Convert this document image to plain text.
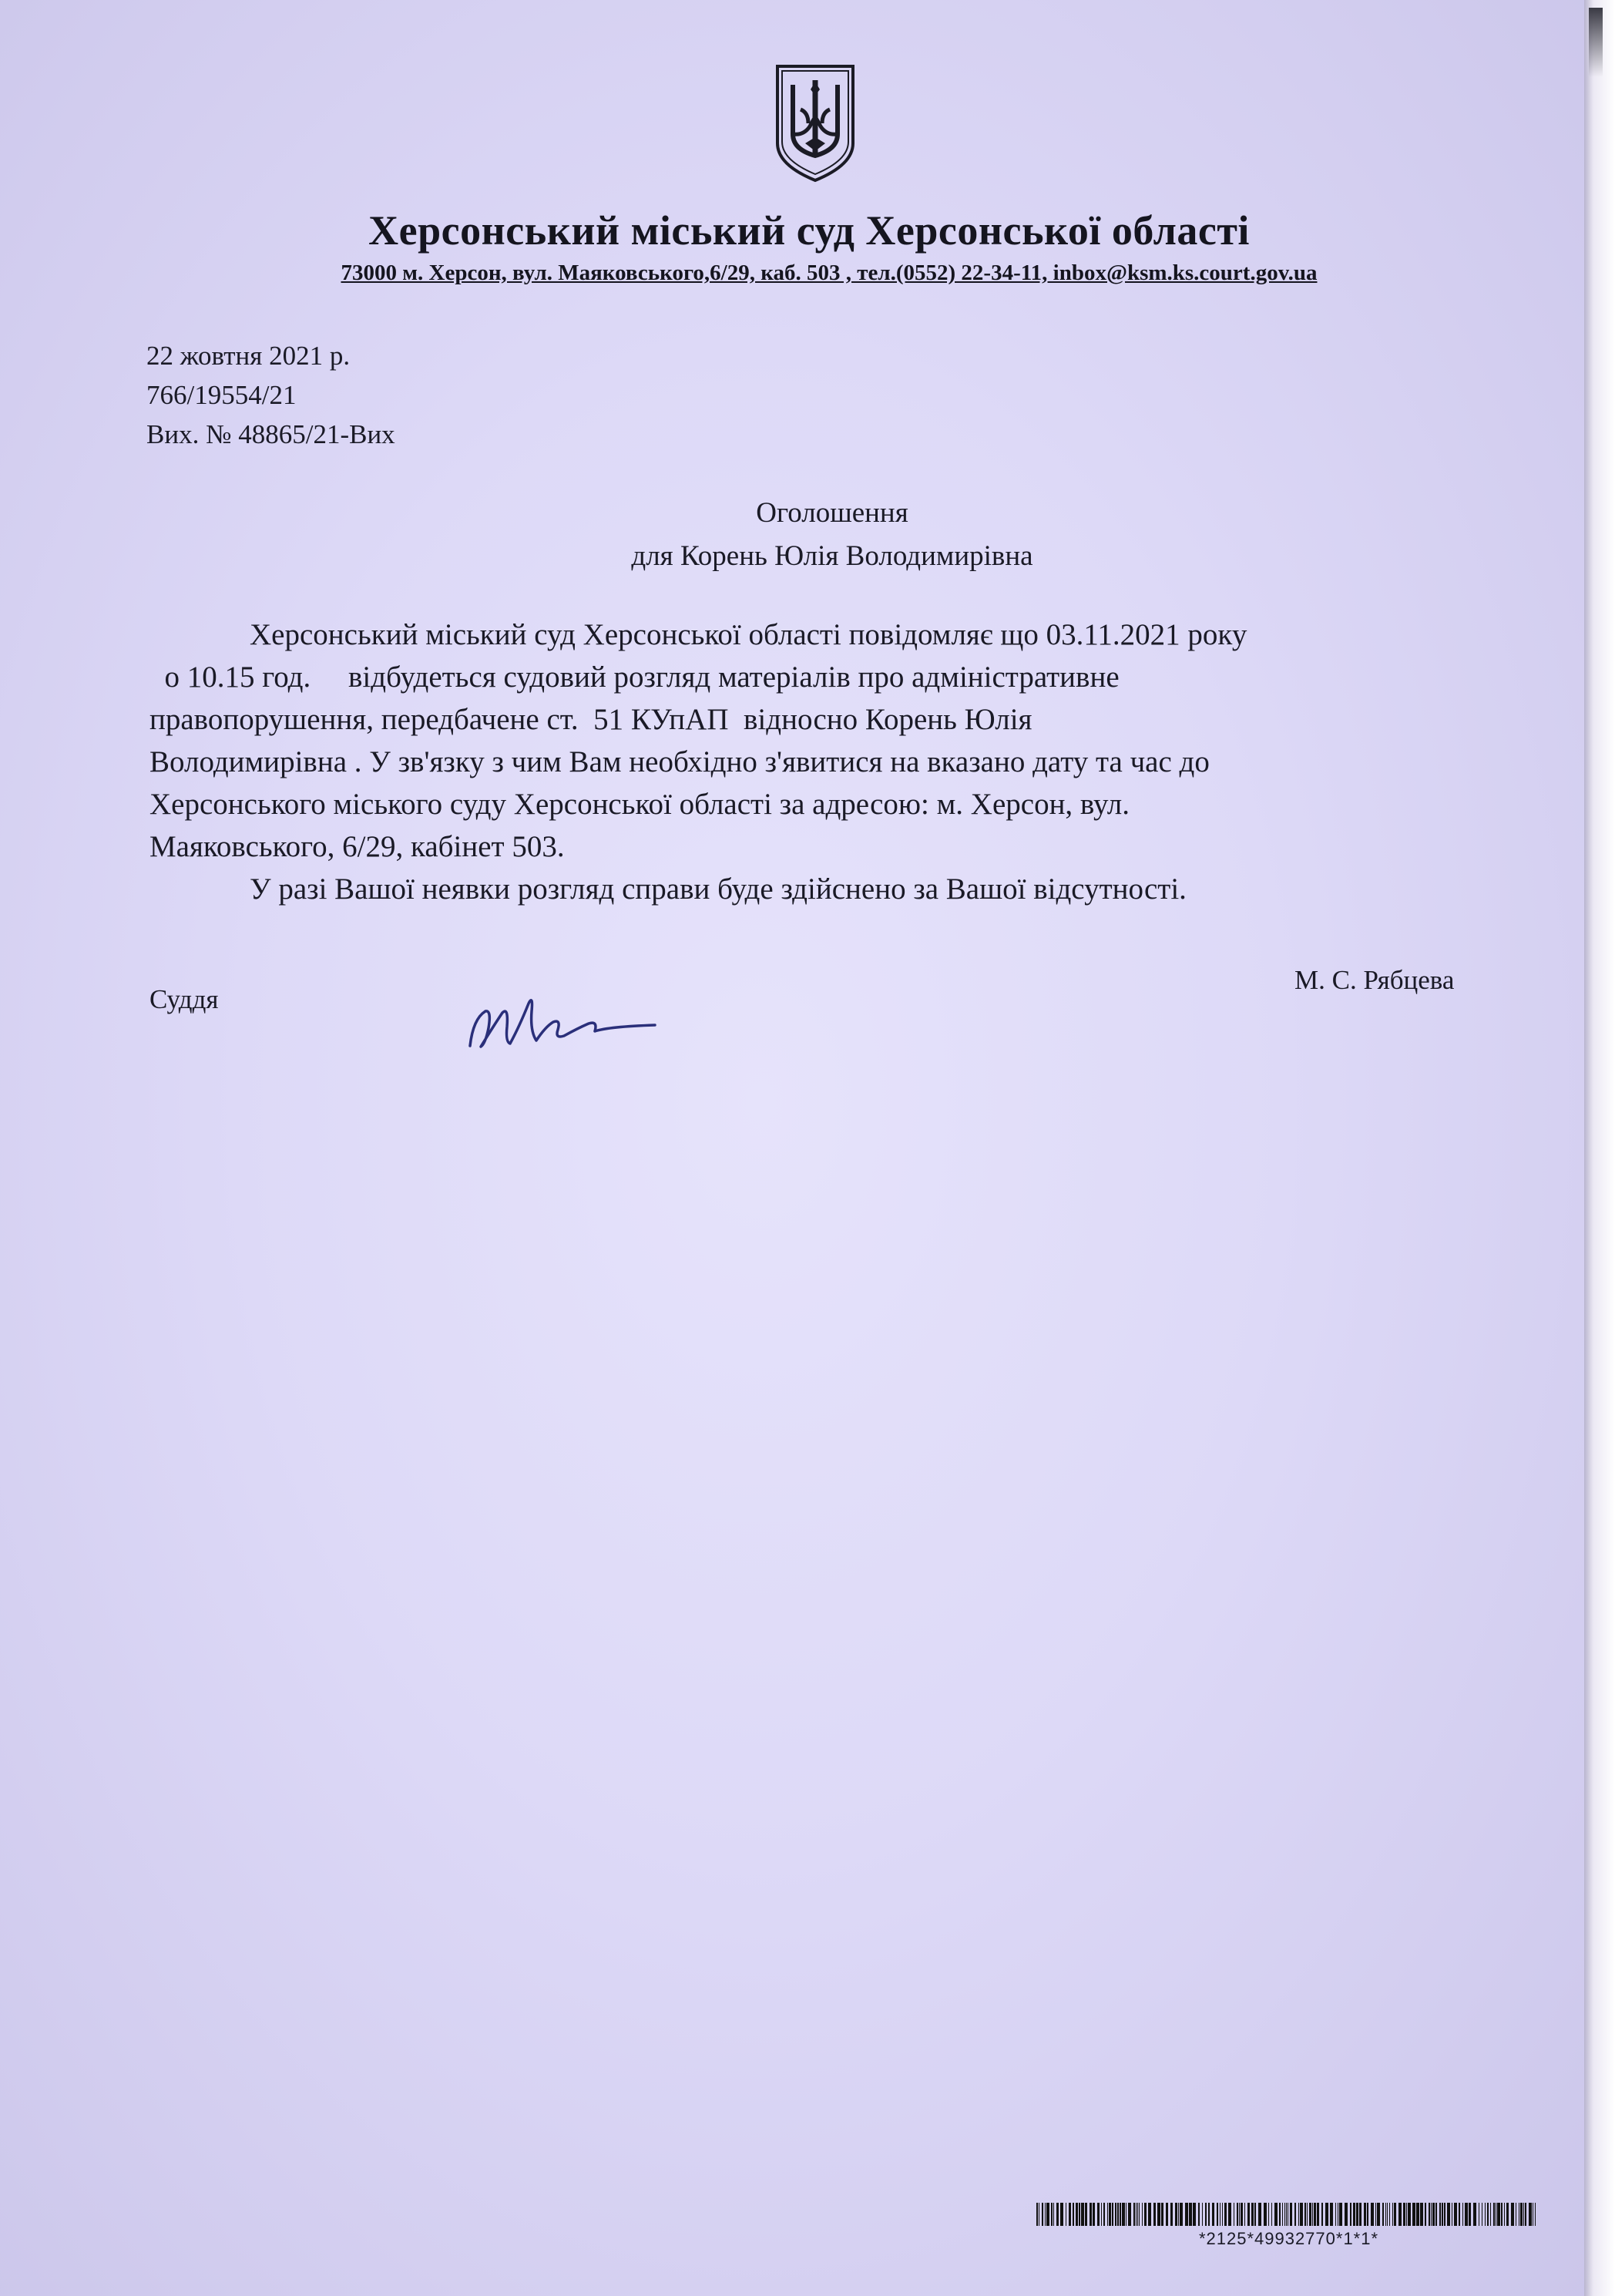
Херсонський міський суд Херсонської області
73000 м. Херсон, вул. Маяковського,6/29, каб. 503 , тел.(0552) 22-34-11, inbox@ksm.ks.court.gov.ua
22 жовтня 2021 р.
766/19554/21
Вих. № 48865/21-Вих
Оголошення
для Корень Юлія Володимирівна
Херсонський міський суд Херсонської області повідомляє що 03.11.2021 року
о 10.15 год.     відбудеться судовий розгляд матеріалів про адміністративне
правопорушення, передбачене ст.  51 КУпАП  відносно Корень Юлія
Володимирівна . У зв'язку з чим Вам необхідно з'явитися на вказано дату та час до
Херсонського міського суду Херсонської області за адресою: м. Херсон, вул.
Маяковського, 6/29, кабінет 503.
У разі Вашої неявки розгляд справи буде здійснено за Вашої відсутності.
Суддя
М. С. Рябцева
*2125*49932770*1*1*
